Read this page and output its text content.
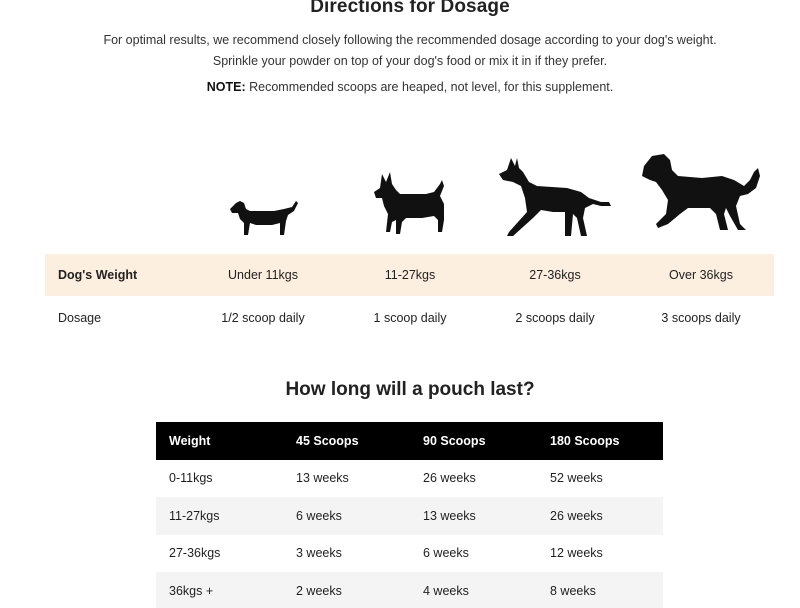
Directions for Dosage
For optimal results, we recommend closely following the recommended dosage according to your dog's weight. Sprinkle your powder on top of your dog's food or mix it in if they prefer.
NOTE: Recommended scoops are heaped, not level, for this supplement.
Dog's Weight	Under 11kgs	11-27kgs	27-36kgs	Over 36kgs
Dosage	1/2 scoop daily	1 scoop daily	2 scoops daily	3 scoops daily
How long will a pouch last?
Weight	45 Scoops	90 Scoops	180 Scoops
0-11kgs	13 weeks	26 weeks	52 weeks
11-27kgs	6 weeks	13 weeks	26 weeks
27-36kgs	3 weeks	6 weeks	12 weeks
36kgs +	2 weeks	4 weeks	8 weeks
